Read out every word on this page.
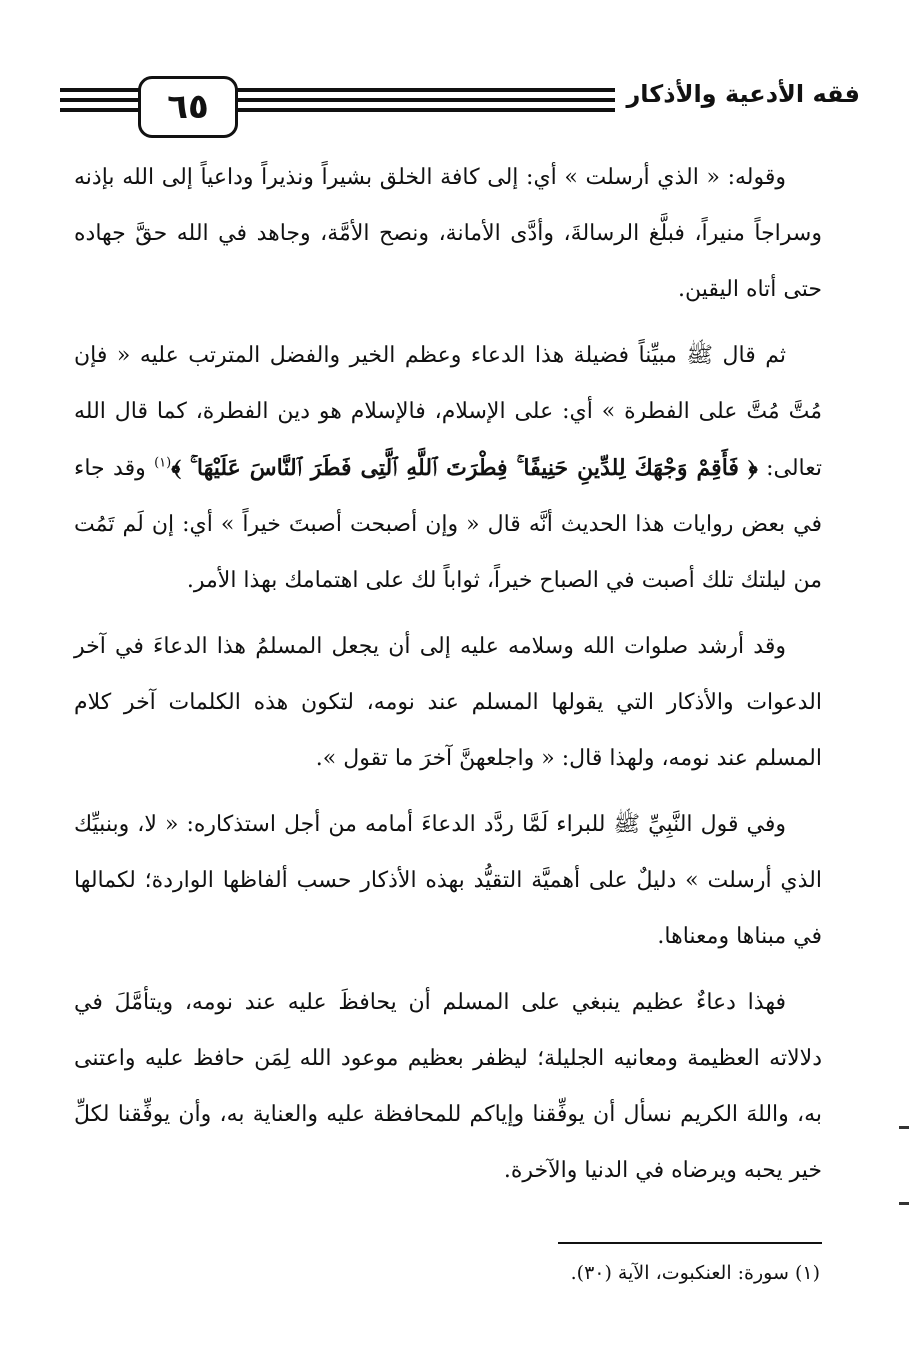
٦٥	فقه الأدعية والأذكار

وقوله: « الذي أرسلت » أي: إلى كافة الخلق بشيراً ونذيراً وداعياً إلى الله بإذنه وسراجاً منيراً، فبلَّغ الرسالةَ، وأدَّى الأمانة، ونصح الأمَّة، وجاهد في الله حقَّ جهاده حتى أتاه اليقين.

ثم قال ﷺ مبيِّناً فضيلة هذا الدعاء وعظم الخير والفضل المترتب عليه « فإن مُتَّ مُتَّ على الفطرة » أي: على الإسلام، فالإسلام هو دين الفطرة، كما قال الله تعالى: ﴿ فَأَقِمْ وَجْهَكَ لِلدِّينِ حَنِيفًا ۚ فِطْرَتَ ٱللَّهِ ٱلَّتِى فَطَرَ ٱلنَّاسَ عَلَيْهَا ۚ ﴾$^{(١)}$ وقد جاء في بعض روايات هذا الحديث أنَّه قال « وإن أصبحت أصبتَ خيراً » أي: إن لَم تَمُت من ليلتك تلك أصبت في الصباح خيراً، ثواباً لك على اهتمامك بهذا الأمر.

وقد أرشد صلوات الله وسلامه عليه إلى أن يجعل المسلمُ هذا الدعاءَ في آخر الدعوات والأذكار التي يقولها المسلم عند نومه، لتكون هذه الكلمات آخر كلام المسلم عند نومه، ولهذا قال: « واجلعهنَّ آخرَ ما تقول ».

وفي قول النَّبِيِّ ﷺ للبراء لَمَّا ردَّد الدعاءَ أمامه من أجل استذكاره: « لا، وبنبيِّك الذي أرسلت » دليلٌ على أهميَّة التقيُّد بهذه الأذكار حسب ألفاظها الواردة؛ لكمالها في مبناها ومعناها.

فهذا دعاءٌ عظيم ينبغي على المسلم أن يحافظَ عليه عند نومه، ويتأمَّلَ في دلالاته العظيمة ومعانيه الجليلة؛ ليظفر بعظيم موعود الله لِمَن حافظ عليه واعتنى به، واللهَ الكريم نسأل أن يوفِّقنا وإياكم للمحافظة عليه والعناية به، وأن يوفِّقنا لكلِّ خير يحبه ويرضاه في الدنيا والآخرة.

(١) سورة: العنكبوت، الآية (٣٠).
